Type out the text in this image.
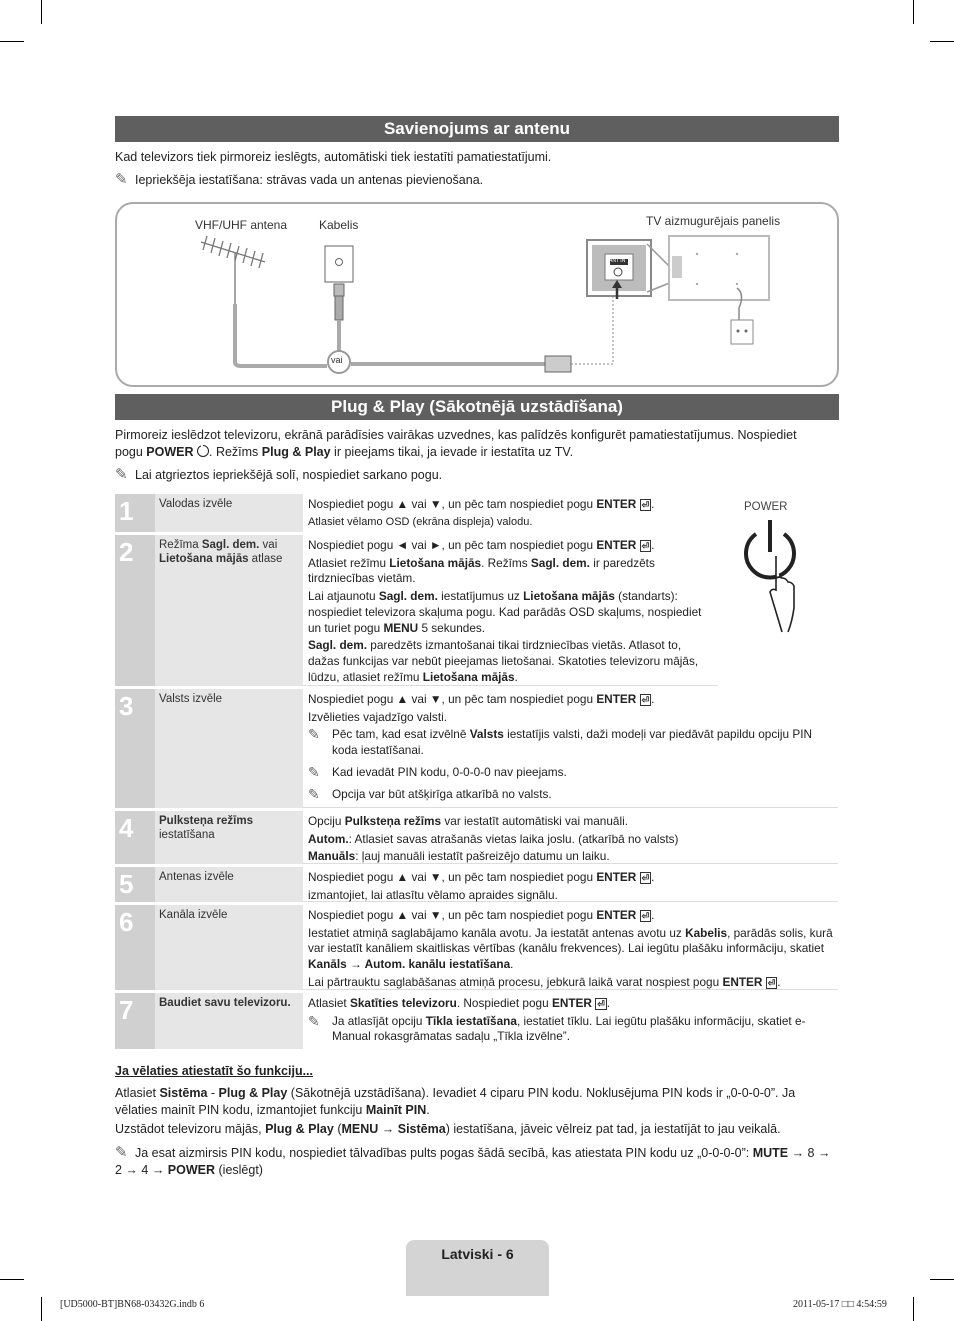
Savienojums ar antenu
Kad televizors tiek pirmoreiz ieslēgts, automātiski tiek iestatīti pamatiestatījumi.
✎ Iepriekšēja iestatīšana: strāvas vada un antenas pievienošana.
VHF/UHF antena	Kabelis	TV aizmugurējais panelis
vai
ANT IN
Plug & Play (Sākotnējā uzstādīšana)
Pirmoreiz ieslēdzot televizoru, ekrānā parādīsies vairākas uzvednes, kas palīdzēs konfigurēt pamatiestatījumus. Nospiediet
pogu POWER . Režīms Plug & Play ir pieejams tikai, ja ievade ir iestatīta uz TV.
✎ Lai atgrieztos iepriekšējā solī, nospiediet sarkano pogu.
POWER
1	Valodas izvēle	Nospiediet pogu ▲ vai ▼, un pēc tam nospiediet pogu ENTER ⏎ .

Atlasiet vēlamo OSD (ekrāna displeja) valodu.

2	Režīma Sagl. dem. vai
Lietošana mājās atlase

Nospiediet pogu ◄ vai ►, un pēc tam nospiediet pogu ENTER ⏎ .

Atlasiet režīmu Lietošana mājās. Režīms Sagl. dem. ir paredzēts tirdzniecības vietām.

Lai atjaunotu Sagl. dem. iestatījumus uz Lietošana mājās (standarts): nospiediet televizora skaļuma pogu. Kad parādās OSD skaļums, nospiediet un turiet pogu MENU 5 sekundes.

Sagl. dem. paredzēts izmantošanai tikai tirdzniecības vietās. Atlasot to, dažas funkcijas var nebūt pieejamas lietošanai. Skatoties televizoru mājās, lūdzu, atlasiet režīmu Lietošana mājās.

3	Valsts izvēle	Nospiediet pogu ▲ vai ▼, un pēc tam nospiediet pogu ENTER ⏎ .

Izvēlieties vajadzīgo valsti.

✎	Pēc tam, kad esat izvēlnē Valsts iestatījis valsti, daži modeļi var piedāvāt papildu opciju PIN koda iestatīšanai.
✎	Kad ievadāt PIN kodu, 0-0-0-0 nav pieejams.
✎	Opcija var būt atšķirīga atkarībā no valsts.
4	Pulksteņa režīms
iestatīšana

Opciju Pulksteņa režīms var iestatīt automātiski vai manuāli.

Autom.: Atlasiet savas atrašanās vietas laika joslu. (atkarībā no valsts)

Manuāls: ļauj manuāli iestatīt pašreizējo datumu un laiku.

5	Antenas izvēle	Nospiediet pogu ▲ vai ▼, un pēc tam nospiediet pogu ENTER ⏎ .

izmantojiet, lai atlasītu vēlamo apraides signālu.

6	Kanāla izvēle	Nospiediet pogu ▲ vai ▼, un pēc tam nospiediet pogu ENTER ⏎ .

Iestatiet atmiņā saglabājamo kanāla avotu. Ja iestatāt antenas avotu uz Kabelis, parādās solis, kurā var iestatīt kanāliem skaitliskas vērtības (kanālu frekvences). Lai iegūtu plašāku informāciju, skatiet Kanāls → Autom. kanālu iestatīšana.

Lai pārtrauktu saglabāšanas atmiņā procesu, jebkurā laikā varat nospiest pogu ENTER ⏎ .

7	Baudiet savu televizoru.	Atlasiet Skatīties televizoru. Nospiediet pogu ENTER ⏎ .

✎	Ja atlasījāt opciju Tīkla iestatīšana, iestatiet tīklu. Lai iegūtu plašāku informāciju, skatiet e-Manual rokasgrāmatas sadaļu „Tīkla izvēlne”.
Ja vēlaties atiestatīt šo funkciju...
Atlasiet Sistēma - Plug & Play (Sākotnējā uzstādīšana). Ievadiet 4 ciparu PIN kodu. Noklusējuma PIN kods ir „0-0-0-0”. Ja vēlaties mainīt PIN kodu, izmantojiet funkciju Mainīt PIN.
Uzstādot televizoru mājās, Plug & Play (MENU → Sistēma) iestatīšana, jāveic vēlreiz pat tad, ja iestatījāt to jau veikalā.
✎ Ja esat aizmirsis PIN kodu, nospiediet tālvadības pults pogas šādā secībā, kas atiestata PIN kodu uz „0-0-0-0”: MUTE → 8 → 2 → 4 → POWER (ieslēgt)
Latviski - 6
[UD5000-BT]BN68-03432G.indb 6	2011-05-17 □□ 4:54:59
